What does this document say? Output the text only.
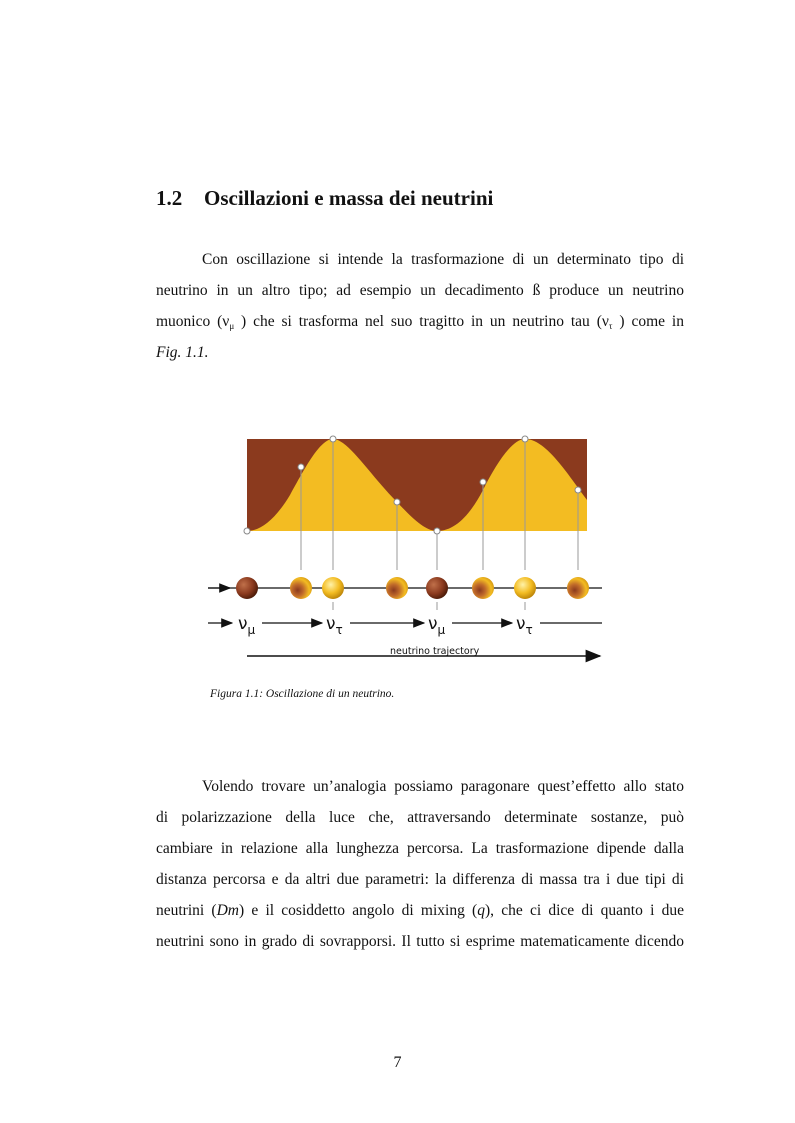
1.2 Oscillazioni e massa dei neutrini
Con oscillazione si intende la trasformazione di un determinato tipo di
neutrino in un altro tipo; ad esempio un decadimento ß produce un neutrino
muonico ($\nu_\mu$ ) che si trasforma nel suo tragitto in un neutrino tau ($\nu_\tau$ ) come in
Fig. 1.1.
$\nu_\mu$	$\nu_\tau$	$\nu_\mu$	$\nu_\tau$
neutrino trajectory
Figura 1.1: Oscillazione di un neutrino.
Volendo trovare un’analogia possiamo paragonare quest’effetto allo stato
di polarizzazione della luce che, attraversando determinate sostanze, può
cambiare in relazione alla lunghezza percorsa. La trasformazione dipende dalla
distanza percorsa e da altri due parametri: la differenza di massa tra i due tipi di
neutrini (Dm) e il cosiddetto angolo di mixing (q), che ci dice di quanto i due
neutrini sono in grado di sovrapporsi. Il tutto si esprime matematicamente dicendo
7
